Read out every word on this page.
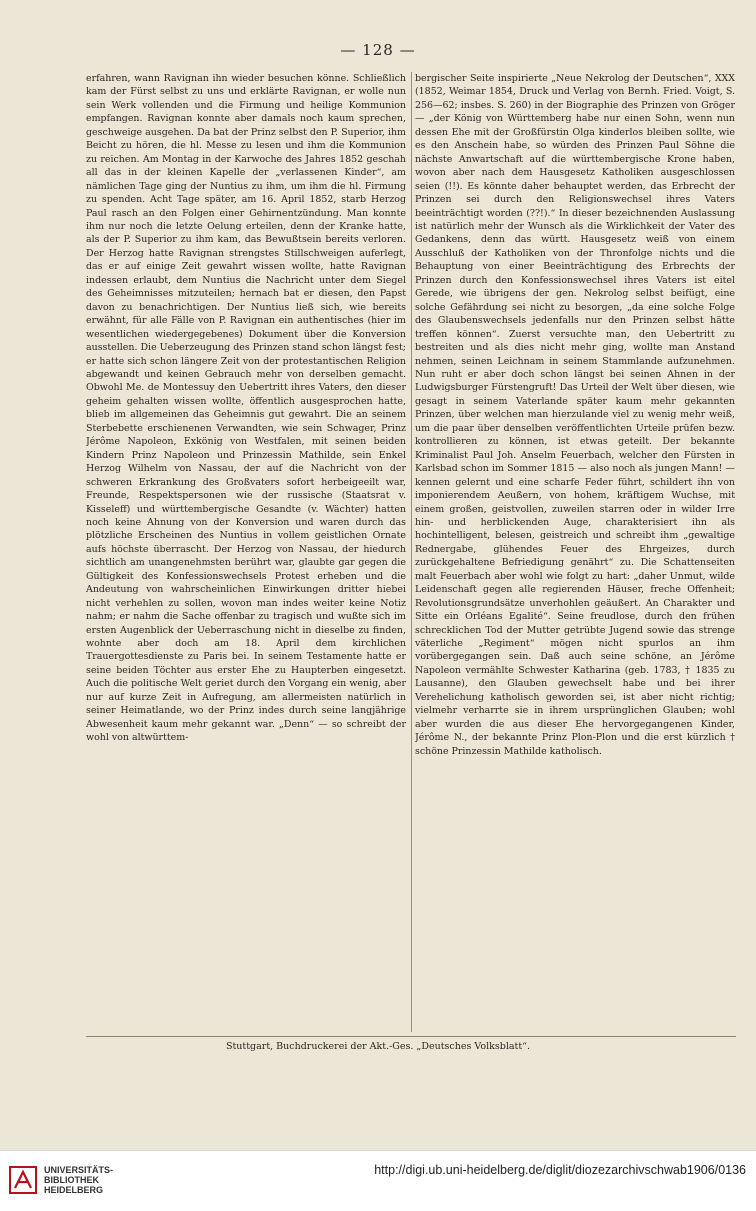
— 128 —

erfahren, wann Ravignan ihn wieder besuchen könne. Schließlich kam der Fürst selbst zu uns und erklärte Ravignan, er wolle nun sein Werk vollenden und die Firmung und heilige Kommunion empfangen. Ravignan konnte aber damals noch kaum sprechen, geschweige ausgehen. Da bat der Prinz selbst den P. Superior, ihm Beicht zu hören, die hl. Messe zu lesen und ihm die Kommunion zu reichen. Am Montag in der Karwoche des Jahres 1852 geschah all das in der kleinen Kapelle der „verlassenen Kinder“, am nämlichen Tage ging der Nuntius zu ihm, um ihm die hl. Firmung zu spenden. Acht Tage später, am 16. April 1852, starb Herzog Paul rasch an den Folgen einer Gehirnentzündung. Man konnte ihm nur noch die letzte Oelung erteilen, denn der Kranke hatte, als der P. Superior zu ihm kam, das Bewußtsein bereits verloren. Der Herzog hatte Ravignan strengstes Stillschweigen auferlegt, das er auf einige Zeit gewahrt wissen wollte, hatte Ravignan indessen erlaubt, dem Nuntius die Nachricht unter dem Siegel des Geheimnisses mitzuteilen; hernach bat er diesen, den Papst davon zu benachrichtigen. Der Nuntius ließ sich, wie bereits erwähnt, für alle Fälle von P. Ravignan ein authentisches (hier im wesentlichen wiedergegebenes) Dokument über die Konversion ausstellen. Die Ueberzeugung des Prinzen stand schon längst fest; er hatte sich schon längere Zeit von der protestantischen Religion abgewandt und keinen Gebrauch mehr von derselben gemacht. Obwohl Me. de Montessuy den Uebertritt ihres Vaters, den dieser geheim gehalten wissen wollte, öffentlich ausgesprochen hatte, blieb im allgemeinen das Geheimnis gut gewahrt. Die an seinem Sterbebette erschienenen Verwandten, wie sein Schwager, Prinz Jérôme Napoleon, Exkönig von Westfalen, mit seinen beiden Kindern Prinz Napoleon und Prinzessin Mathilde, sein Enkel Herzog Wilhelm von Nassau, der auf die Nachricht von der schweren Erkrankung des Großvaters sofort herbeigeeilt war, Freunde, Respektspersonen wie der russische (Staatsrat v. Kisseleff) und württembergische Gesandte (v. Wächter) hatten noch keine Ahnung von der Konversion und waren durch das plötzliche Erscheinen des Nuntius in vollem geistlichen Ornate aufs höchste überrascht. Der Herzog von Nassau, der hiedurch sichtlich am unangenehmsten berührt war, glaubte gar gegen die Gültigkeit des Konfessionswechsels Protest erheben und die Andeutung von wahrscheinlichen Einwirkungen dritter hiebei nicht verhehlen zu sollen, wovon man indes weiter keine Notiz nahm; er nahm die Sache offenbar zu tragisch und wußte sich im ersten Augenblick der Ueberraschung nicht in dieselbe zu finden, wohnte aber doch am 18. April dem kirchlichen Trauergottesdienste zu Paris bei. In seinem Testamente hatte er seine beiden Töchter aus erster Ehe zu Haupterben eingesetzt. Auch die politische Welt geriet durch den Vorgang ein wenig, aber nur auf kurze Zeit in Aufregung, am allermeisten natürlich in seiner Heimatlande, wo der Prinz indes durch seine langjährige Abwesenheit kaum mehr gekannt war. „Denn“ — so schreibt der wohl von altwürttem-

bergischer Seite inspirierte „Neue Nekrolog der Deutschen“, XXX (1852, Weimar 1854, Druck und Verlag von Bernh. Fried. Voigt, S. 256—62; insbes. S. 260) in der Biographie des Prinzen von Gröger — „der König von Württemberg habe nur einen Sohn, wenn nun dessen Ehe mit der Großfürstin Olga kinderlos bleiben sollte, wie es den Anschein habe, so würden des Prinzen Paul Söhne die nächste Anwartschaft auf die württembergische Krone haben, wovon aber nach dem Hausgesetz Katholiken ausgeschlossen seien (!!). Es könnte daher behauptet werden, das Erbrecht der Prinzen sei durch den Religionswechsel ihres Vaters beeinträchtigt worden (??!).“ In dieser bezeichnenden Auslassung ist natürlich mehr der Wunsch als die Wirklichkeit der Vater des Gedankens, denn das württ. Hausgesetz weiß von einem Ausschluß der Katholiken von der Thronfolge nichts und die Behauptung von einer Beeinträchtigung des Erbrechts der Prinzen durch den Konfessionswechsel ihres Vaters ist eitel Gerede, wie übrigens der gen. Nekrolog selbst beifügt, eine solche Gefährdung sei nicht zu besorgen, „da eine solche Folge des Glaubenswechsels jedenfalls nur den Prinzen selbst hätte treffen können“. Zuerst versuchte man, den Uebertritt zu bestreiten und als dies nicht mehr ging, wollte man Anstand nehmen, seinen Leichnam in seinem Stammlande aufzunehmen. Nun ruht er aber doch schon längst bei seinen Ahnen in der Ludwigsburger Fürstengruft! Das Urteil der Welt über diesen, wie gesagt in seinem Vaterlande später kaum mehr gekannten Prinzen, über welchen man hierzulande viel zu wenig mehr weiß, um die paar über denselben veröffentlichten Urteile prüfen bezw. kontrollieren zu können, ist etwas geteilt. Der bekannte Kriminalist Paul Joh. Anselm Feuerbach, welcher den Fürsten in Karlsbad schon im Sommer 1815 — also noch als jungen Mann! — kennen gelernt und eine scharfe Feder führt, schildert ihn von imponierendem Aeußern, von hohem, kräftigem Wuchse, mit einem großen, geistvollen, zuweilen starren oder in wilder Irre hin- und herblickenden Auge, charakterisiert ihn als hochintelligent, belesen, geistreich und schreibt ihm „gewaltige Rednergabe, glühendes Feuer des Ehrgeizes, durch zurückgehaltene Befriedigung genährt“ zu. Die Schattenseiten malt Feuerbach aber wohl wie folgt zu hart: „daher Unmut, wilde Leidenschaft gegen alle regierenden Häuser, freche Offenheit; Revolutionsgrundsätze unverhohlen geäußert. An Charakter und Sitte ein Orléans Egalité“. Seine freudlose, durch den frühen schrecklichen Tod der Mutter getrübte Jugend sowie das strenge väterliche „Regiment“ mögen nicht spurlos an ihm vorübergegangen sein. Daß auch seine schöne, an Jérôme Napoleon vermählte Schwester Katharina (geb. 1783, † 1835 zu Lausanne), den Glauben gewechselt habe und bei ihrer Verehelichung katholisch geworden sei, ist aber nicht richtig; vielmehr verharrte sie in ihrem ursprünglichen Glauben; wohl aber wurden die aus dieser Ehe hervorgegangenen Kinder, Jérôme N., der bekannte Prinz Plon-Plon und die erst kürzlich † schöne Prinzessin Mathilde katholisch.

Stuttgart, Buchdruckerei der Akt.-Ges. „Deutsches Volksblatt“.
UNIVERSITÄTS-
BIBLIOTHEK
HEIDELBERG
http://digi.ub.uni-heidelberg.de/diglit/diozezarchivschwab1906/0136
